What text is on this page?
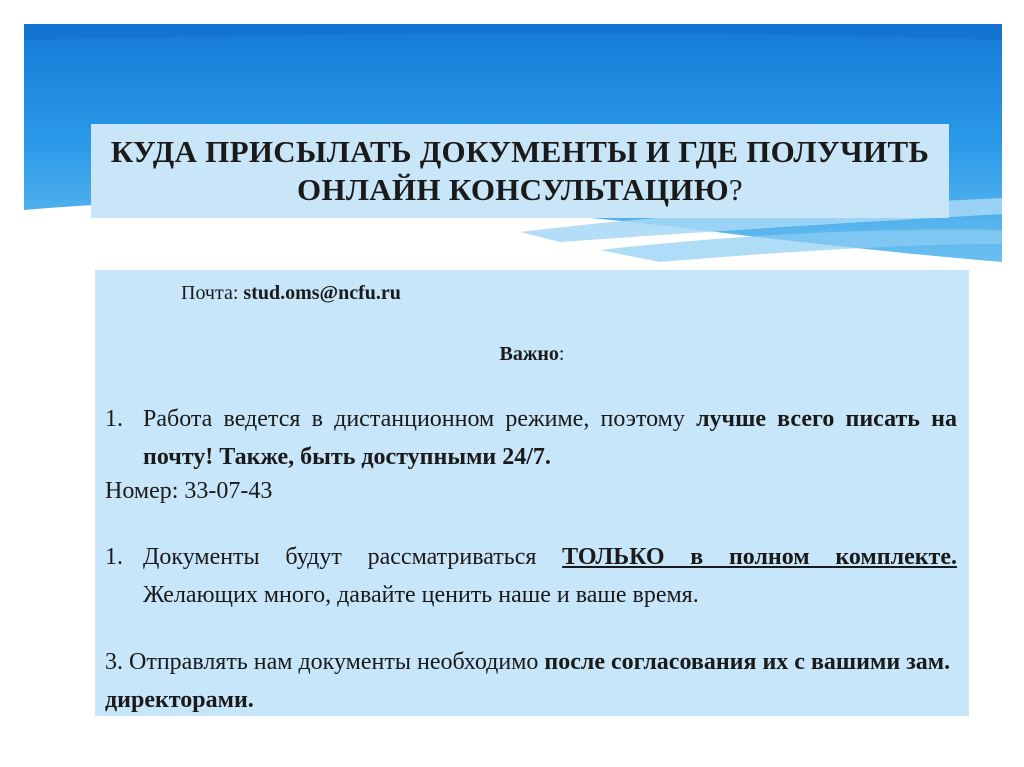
КУДА ПРИСЫЛАТЬ ДОКУМЕНТЫ И ГДЕ ПОЛУЧИТЬ ОНЛАЙН КОНСУЛЬТАЦИЮ?
Почта: stud.oms@ncfu.ru
Важно:
1. Работа ведется в дистанционном режиме, поэтому лучше всего писать на почту! Также, быть доступными 24/7.
Номер: 33-07-43
1. Документы будут рассматриваться ТОЛЬКО в полном комплекте. Желающих много, давайте ценить наше и ваше время.
3. Отправлять нам документы необходимо после согласования их с вашими зам. директорами.
